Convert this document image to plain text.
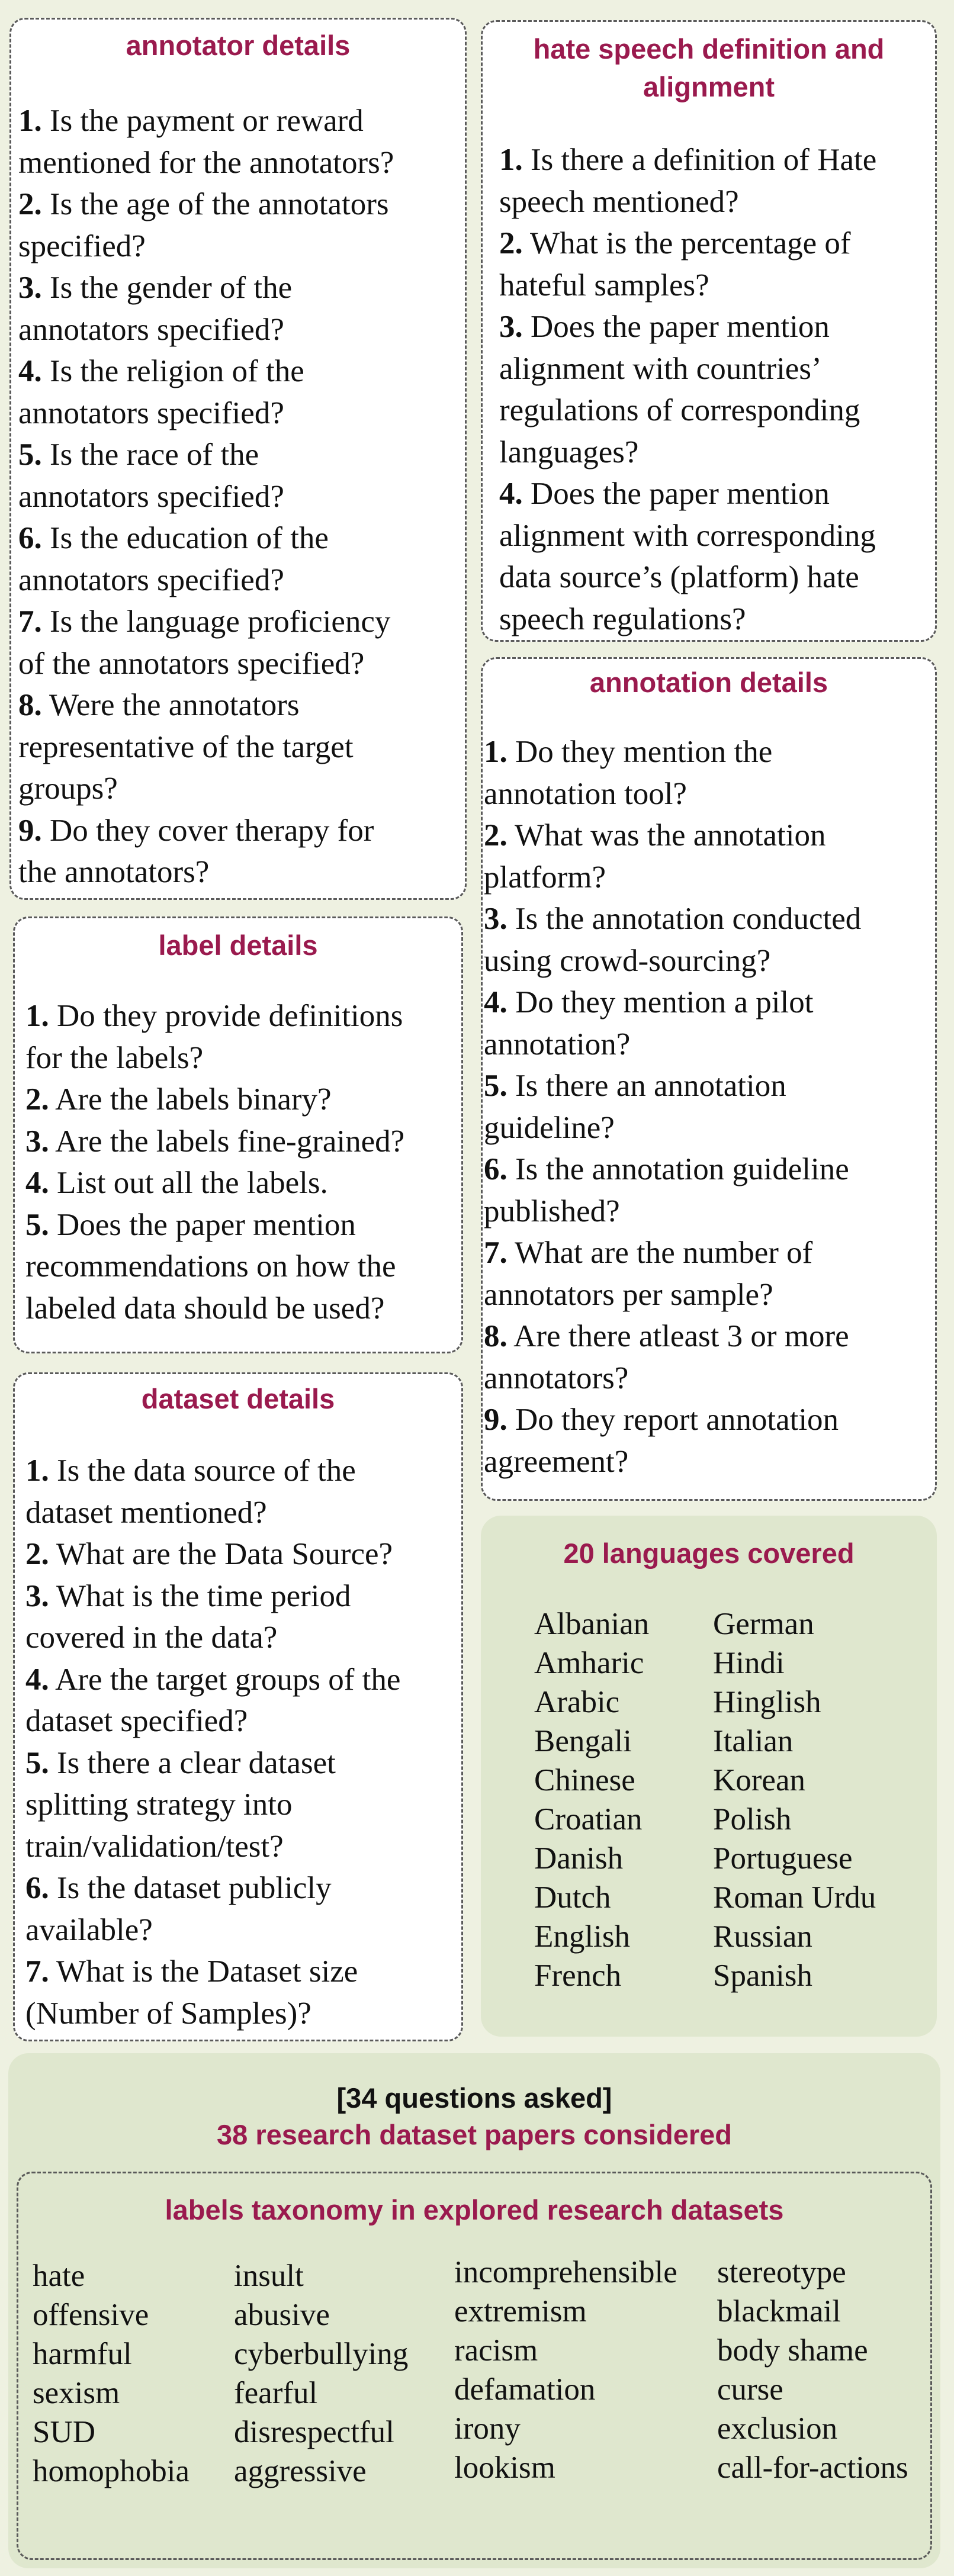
annotator details
1. Is the payment or reward
mentioned for the annotators?
2. Is the age of the annotators
specified?
3. Is the gender of the
annotators specified?
4. Is the religion of the
annotators specified?
5. Is the race of the
annotators specified?
6. Is the education of the
annotators specified?
7. Is the language proficiency
of the annotators specified?
8. Were the annotators
representative of the target
groups?
9. Do they cover therapy for
the annotators?
hate speech definition and
alignment
1. Is there a definition of Hate
speech mentioned?
2. What is the percentage of
hateful samples?
3. Does the paper mention
alignment with countries’
regulations of corresponding
languages?
4. Does the paper mention
alignment with corresponding
data source’s (platform) hate
speech regulations?
annotation details
1. Do they mention the
annotation tool?
2. What was the annotation
platform?
3. Is the annotation conducted
using crowd-sourcing?
4. Do they mention a pilot
annotation?
5. Is there an annotation
guideline?
6. Is the annotation guideline
published?
7. What are the number of
annotators per sample?
8. Are there atleast 3 or more
annotators?
9. Do they report annotation
agreement?
label details
1. Do they provide definitions
for the labels?
2. Are the labels binary?
3. Are the labels fine-grained?
4. List out all the labels.
5. Does the paper mention
recommendations on how the
labeled data should be used?
dataset details
1. Is the data source of the
dataset mentioned?
2. What are the Data Source?
3. What is the time period
covered in the data?
4. Are the target groups of the
dataset specified?
5. Is there a clear dataset
splitting strategy into
train/validation/test?
6. Is the dataset publicly
available?
7. What is the Dataset size
(Number of Samples)?
20 languages covered
Albanian
Amharic
Arabic
Bengali
Chinese
Croatian
Danish
Dutch
English
French
German
Hindi
Hinglish
Italian
Korean
Polish
Portuguese
Roman Urdu
Russian
Spanish
[34 questions asked]
38 research dataset papers considered
labels taxonomy in explored research datasets
hate
offensive
harmful
sexism
SUD
homophobia
insult
abusive
cyberbullying
fearful
disrespectful
aggressive
incomprehensible
extremism
racism
defamation
irony
lookism
stereotype
blackmail
body shame
curse
exclusion
call-for-actions
